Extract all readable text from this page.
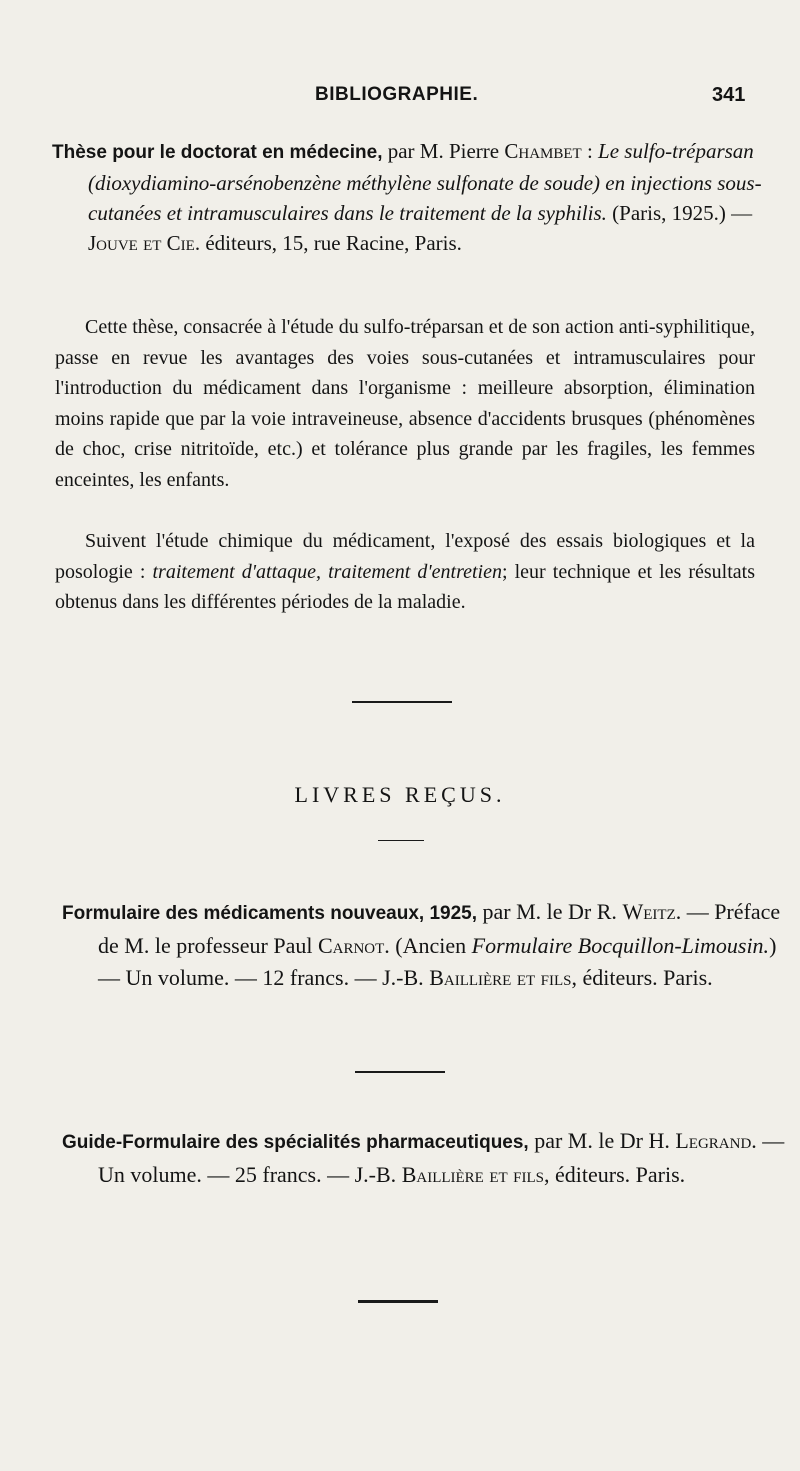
BIBLIOGRAPHIE.	341
Thèse pour le doctorat en médecine, par M. Pierre Chambet : Le sulfo-tréparsan (dioxydiamino-arsénobenzène méthylène sulfonate de soude) en injections sous-cutanées et intramusculaires dans le traitement de la syphilis. (Paris, 1925.) — Jouve et Cie. éditeurs, 15, rue Racine, Paris.
Cette thèse, consacrée à l'étude du sulfo-tréparsan et de son action anti-syphilitique, passe en revue les avantages des voies sous-cutanées et intramusculaires pour l'introduction du médicament dans l'organisme : meilleure absorption, élimination moins rapide que par la voie intraveineuse, absence d'accidents brusques (phénomènes de choc, crise nitritoïde, etc.) et tolérance plus grande par les fragiles, les femmes enceintes, les enfants.
Suivent l'étude chimique du médicament, l'exposé des essais biologiques et la posologie : traitement d'attaque, traitement d'entretien; leur technique et les résultats obtenus dans les différentes périodes de la maladie.
LIVRES REÇUS.
Formulaire des médicaments nouveaux, 1925, par M. le Dr R. Weitz. — Préface de M. le professeur Paul Carnot. (Ancien Formulaire Bocquillon-Limousin.) — Un volume. — 12 francs. — J.-B. Baillière et fils, éditeurs. Paris.
Guide-Formulaire des spécialités pharmaceutiques, par M. le Dr H. Legrand. — Un volume. — 25 francs. — J.-B. Baillière et fils, éditeurs. Paris.
